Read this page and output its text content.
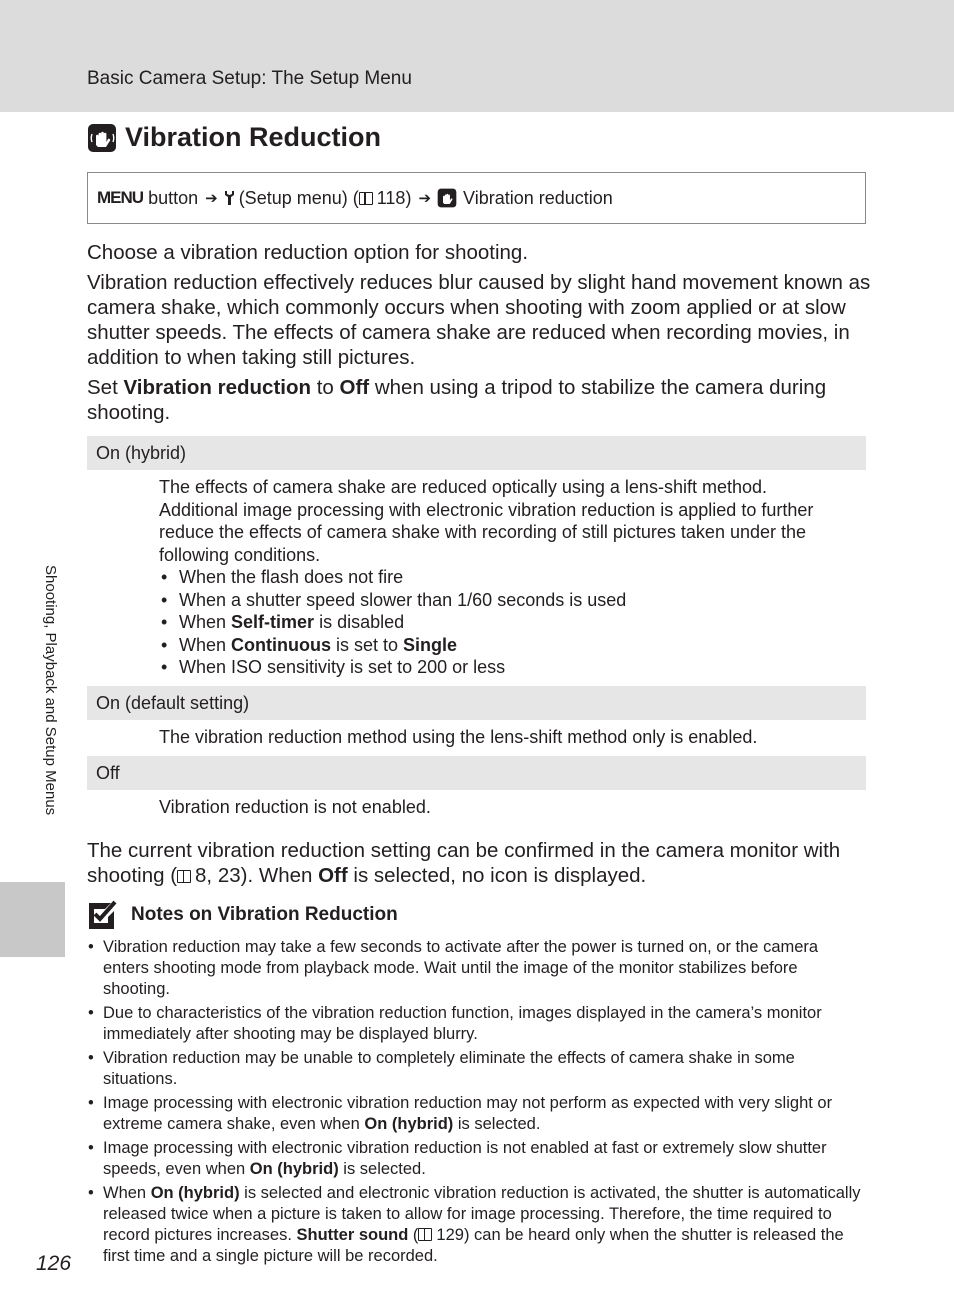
Basic Camera Setup: The Setup Menu
Vibration Reduction
MENU button ➔ (Setup menu) ( 118) ➔ Vibration reduction

Choose a vibration reduction option for shooting.

Vibration reduction effectively reduces blur caused by slight hand movement known as camera shake, which commonly occurs when shooting with zoom applied or at slow shutter speeds. The effects of camera shake are reduced when recording movies, in addition to when taking still pictures.

Set Vibration reduction to Off when using a tripod to stabilize the camera during shooting.

On (hybrid)

The effects of camera shake are reduced optically using a lens-shift method. Additional image processing with electronic vibration reduction is applied to further reduce the effects of camera shake with recording of still pictures taken under the following conditions.

• When the flash does not fire
• When a shutter speed slower than 1/60 seconds is used
• When Self-timer is disabled
• When Continuous is set to Single
• When ISO sensitivity is set to 200 or less
On (default setting)

The vibration reduction method using the lens-shift method only is enabled.

Off

Vibration reduction is not enabled.

The current vibration reduction setting can be confirmed in the camera monitor with shooting ( 8, 23). When Off is selected, no icon is displayed.
Notes on Vibration Reduction
• Vibration reduction may take a few seconds to activate after the power is turned on, or the camera enters shooting mode from playback mode. Wait until the image of the monitor stabilizes before shooting.
• Due to characteristics of the vibration reduction function, images displayed in the camera’s monitor immediately after shooting may be displayed blurry.
• Vibration reduction may be unable to completely eliminate the effects of camera shake in some situations.
• Image processing with electronic vibration reduction may not perform as expected with very slight or extreme camera shake, even when On (hybrid) is selected.
• Image processing with electronic vibration reduction is not enabled at fast or extremely slow shutter speeds, even when On (hybrid) is selected.
• When On (hybrid) is selected and electronic vibration reduction is activated, the shutter is automatically released twice when a picture is taken to allow for image processing. Therefore, the time required to record pictures increases. Shutter sound ( 129) can be heard only when the shutter is released the first time and a single picture will be recorded.
Shooting, Playback and Setup Menus
126
